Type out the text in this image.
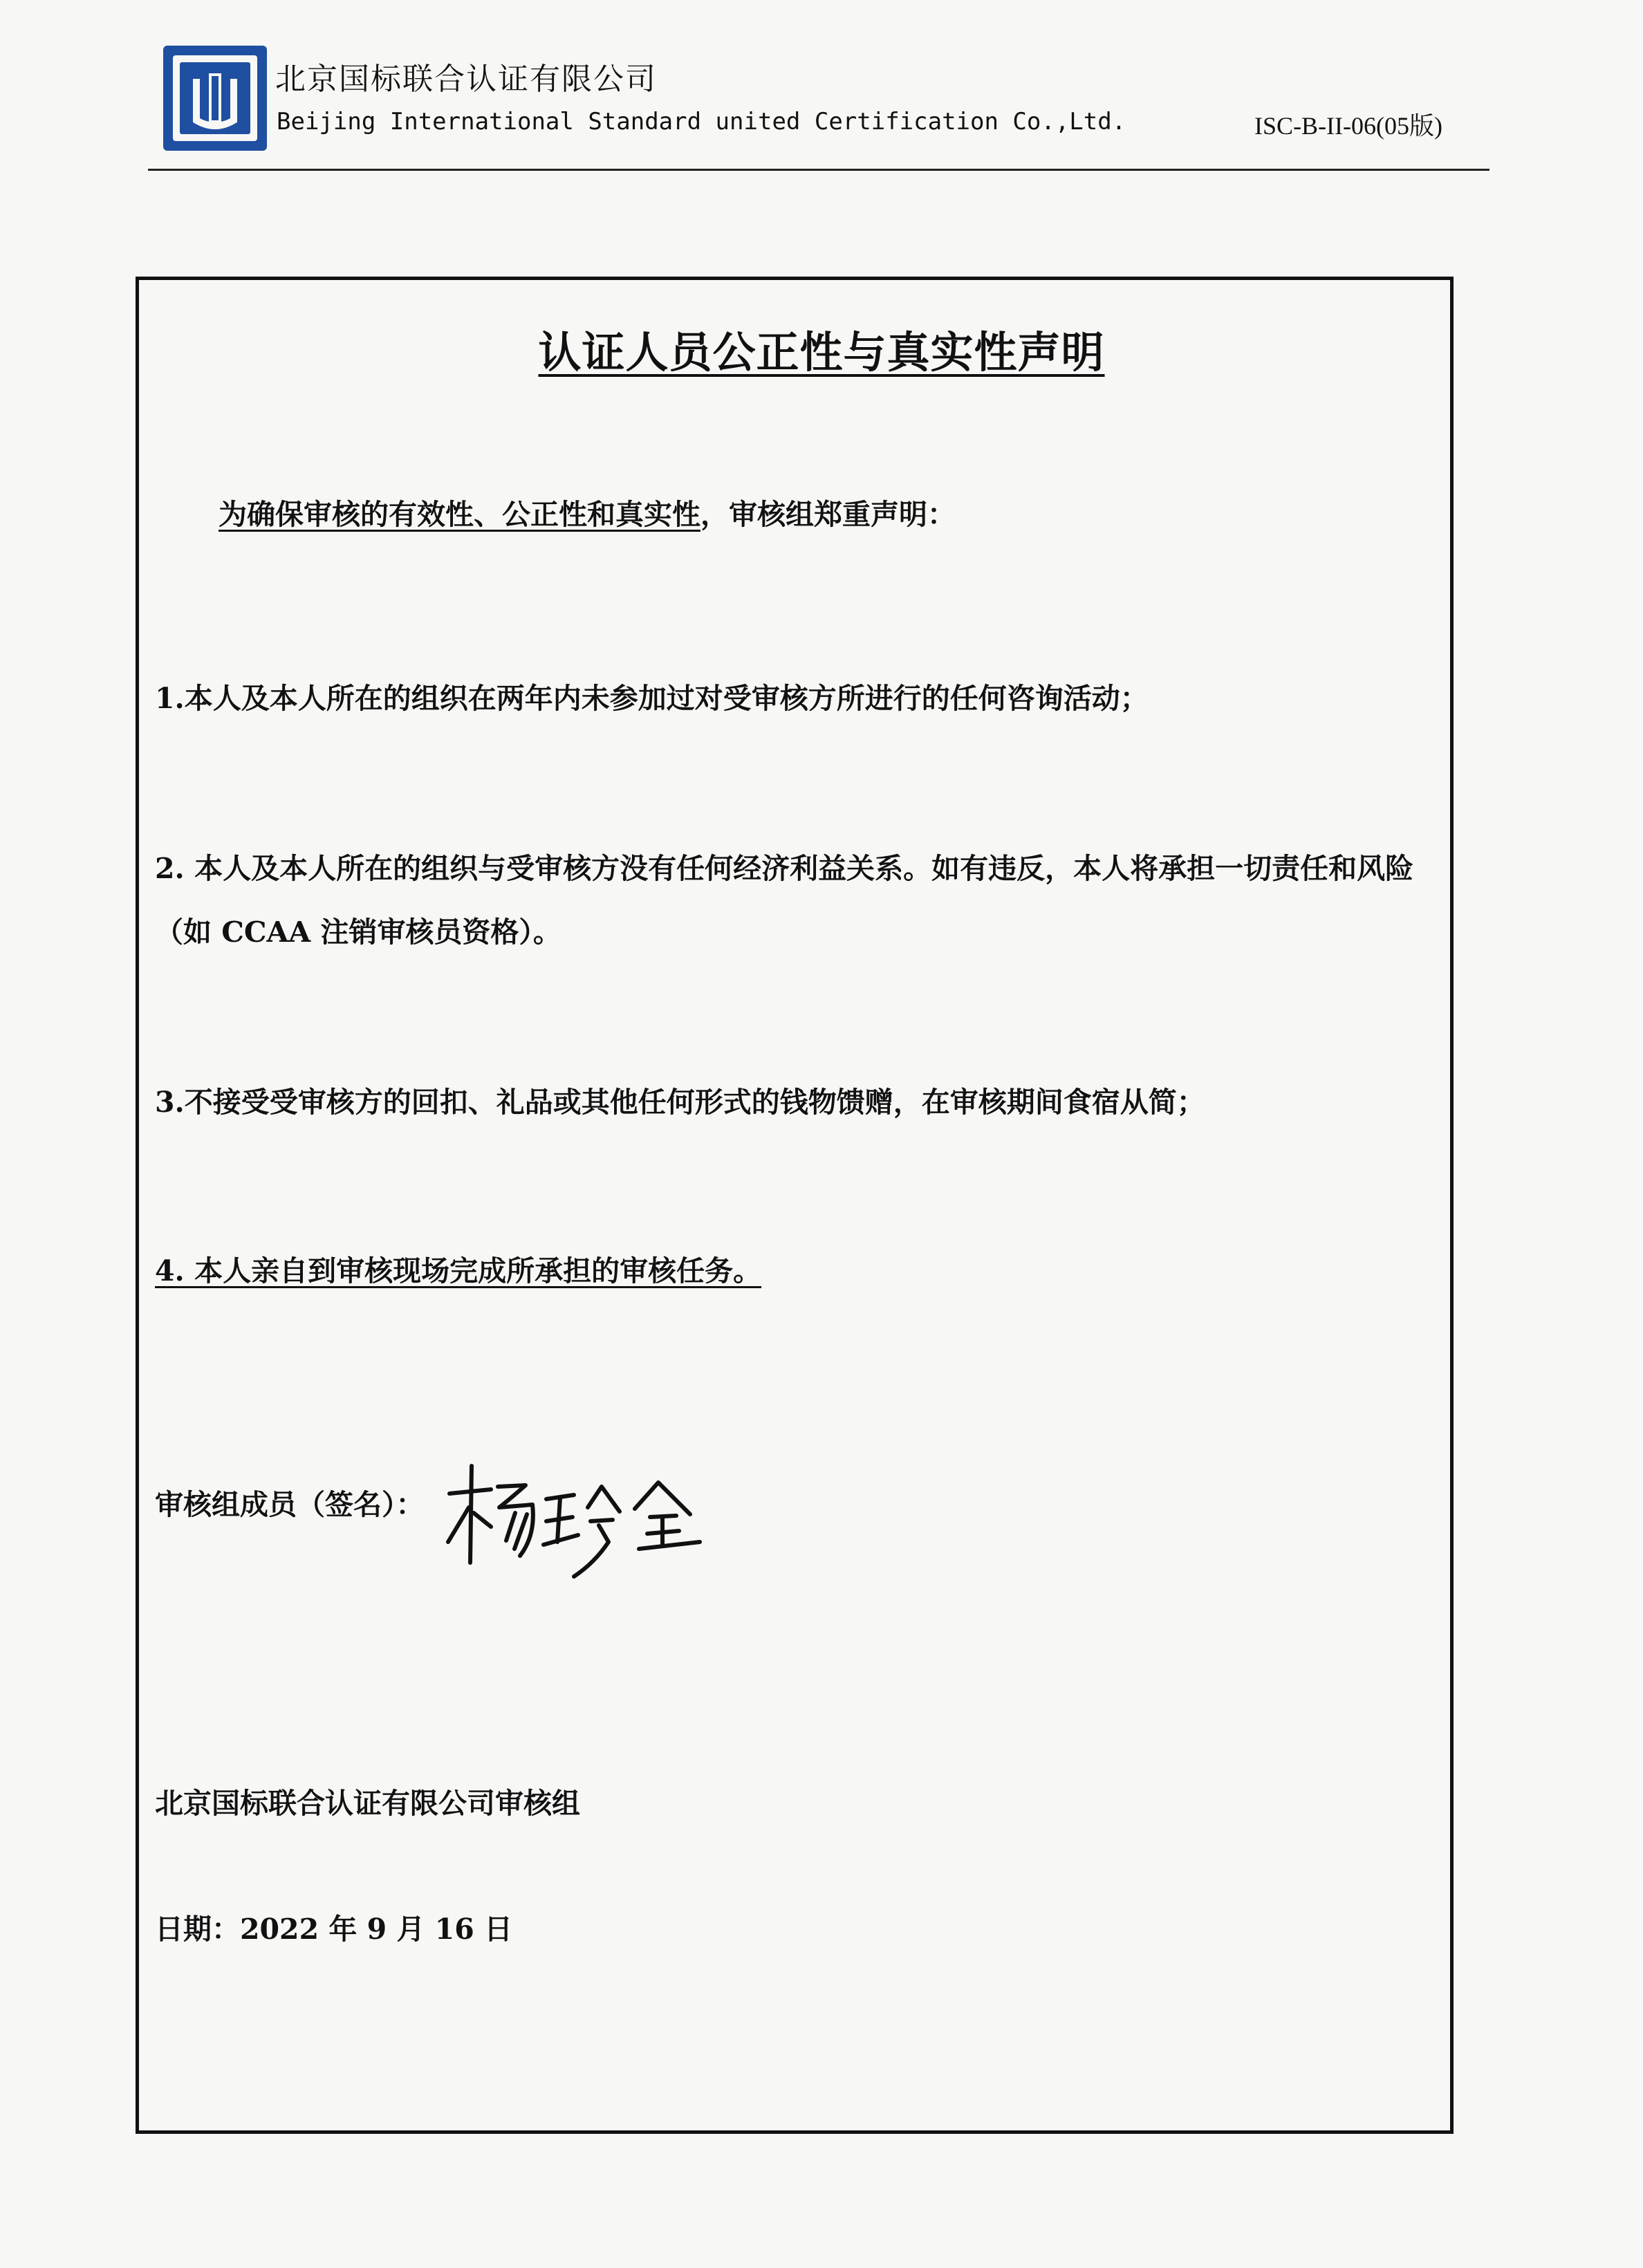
北京国标联合认证有限公司
Beijing International Standard united Certification Co.,Ltd.	ISC-B-II-06(05版)
认证人员公正性与真实性声明
为确保审核的有效性、公正性和真实性，审核组郑重声明：
1.本人及本人所在的组织在两年内未参加过对受审核方所进行的任何咨询活动；
2. 本人及本人所在的组织与受审核方没有任何经济利益关系。如有违反，本人将承担一切责任和风险（如 CCAA 注销审核员资格）。
3.不接受受审核方的回扣、礼品或其他任何形式的钱物馈赠，在审核期间食宿从简；
4. 本人亲自到审核现场完成所承担的审核任务。
审核组成员（签名）：
北京国标联合认证有限公司审核组
日期：2022 年 9 月 16 日
